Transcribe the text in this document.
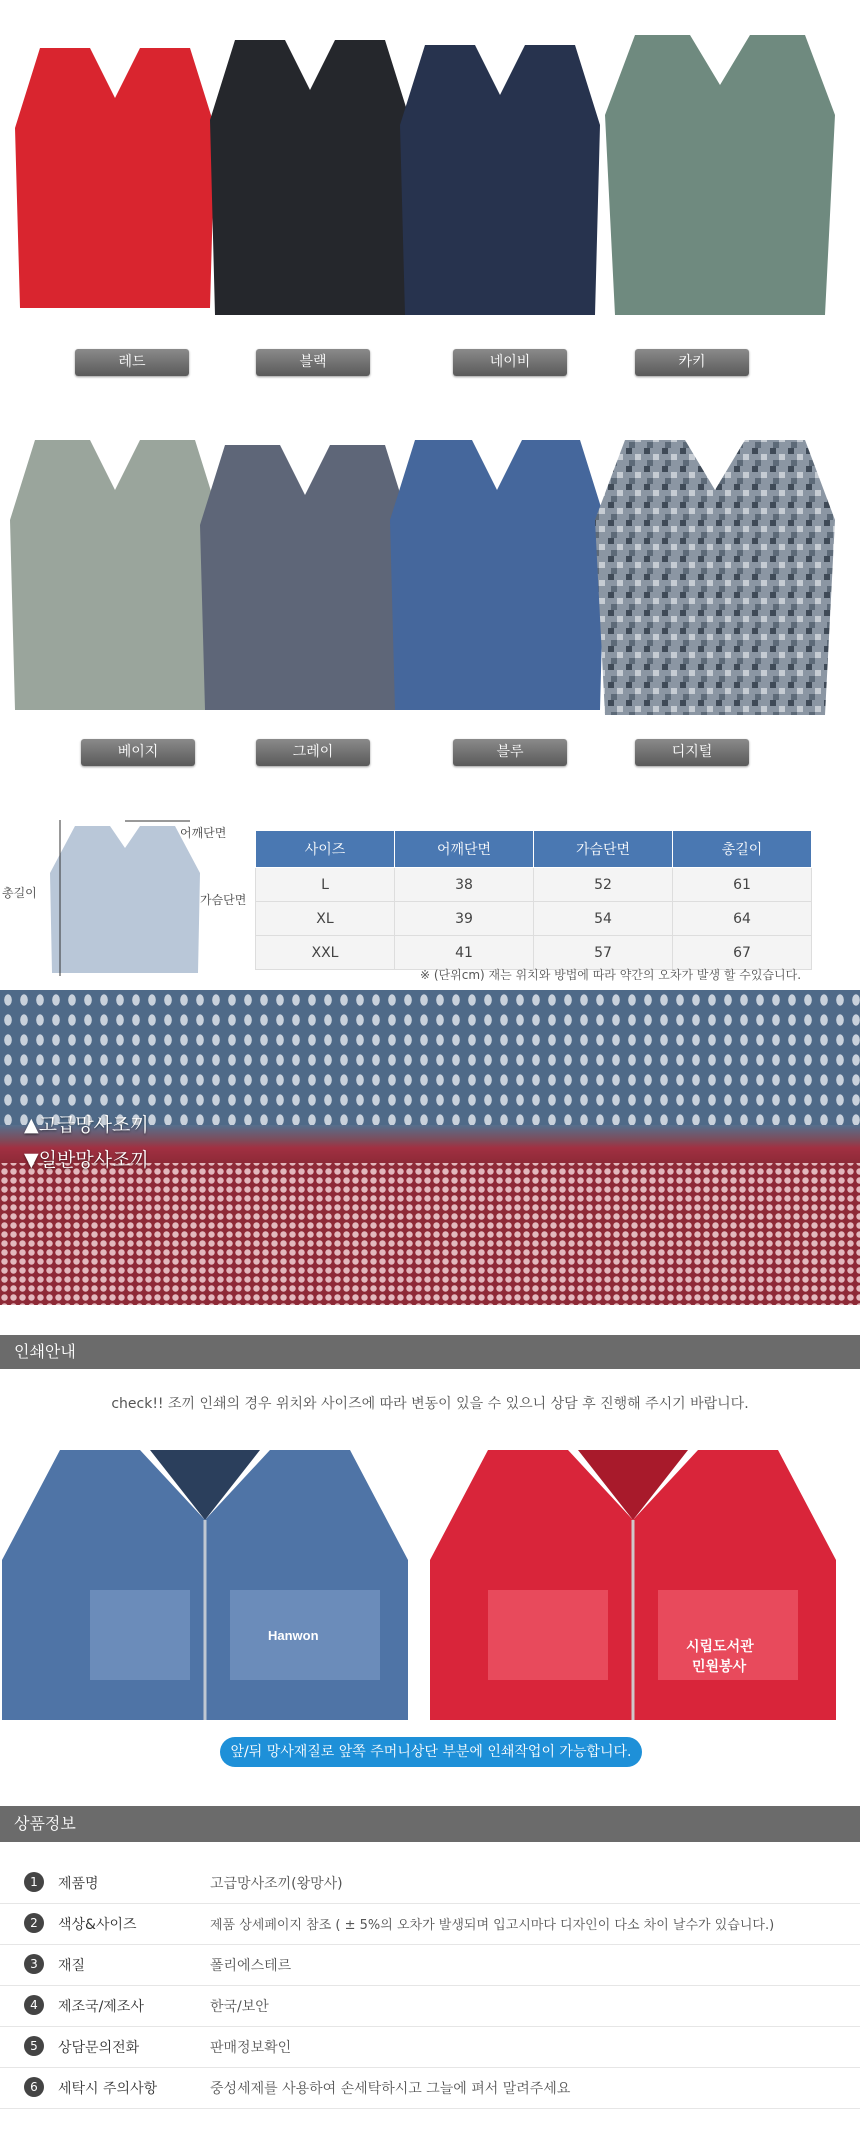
레드	블랙	네이비	카키
베이지	그레이	블루	디지털
총길이
어깨단면
가슴단면
사이즈	어깨단면	가슴단면	총길이
L	38	52	61
XL	39	54	64
XXL	41	57	67
※ (단위cm) 재는 위치와 방법에 따라 약간의 오차가 발생 할 수있습니다.
▲고급망사조끼
▼일반망사조끼
인쇄안내
check!! 조끼 인쇄의 경우 위치와 사이즈에 따라 변동이 있을 수 있으니 상담 후 진행해 주시기 바랍니다.
Hanwon
시립도서관
민원봉사
앞/뒤 망사재질로 앞쪽 주머니상단 부분에 인쇄작업이 가능합니다.
상품정보
1	제품명	고급망사조끼(왕망사)
2	색상&사이즈	제품 상세페이지 참조 ( ± 5%의 오차가 발생되며 입고시마다 디자인이 다소 차이 날수가 있습니다.)
3	재질	폴리에스테르
4	제조국/제조사	한국/보안
5	상담문의전화	판매정보확인
6	세탁시 주의사항	중성세제를 사용하여 손세탁하시고 그늘에 펴서 말려주세요
